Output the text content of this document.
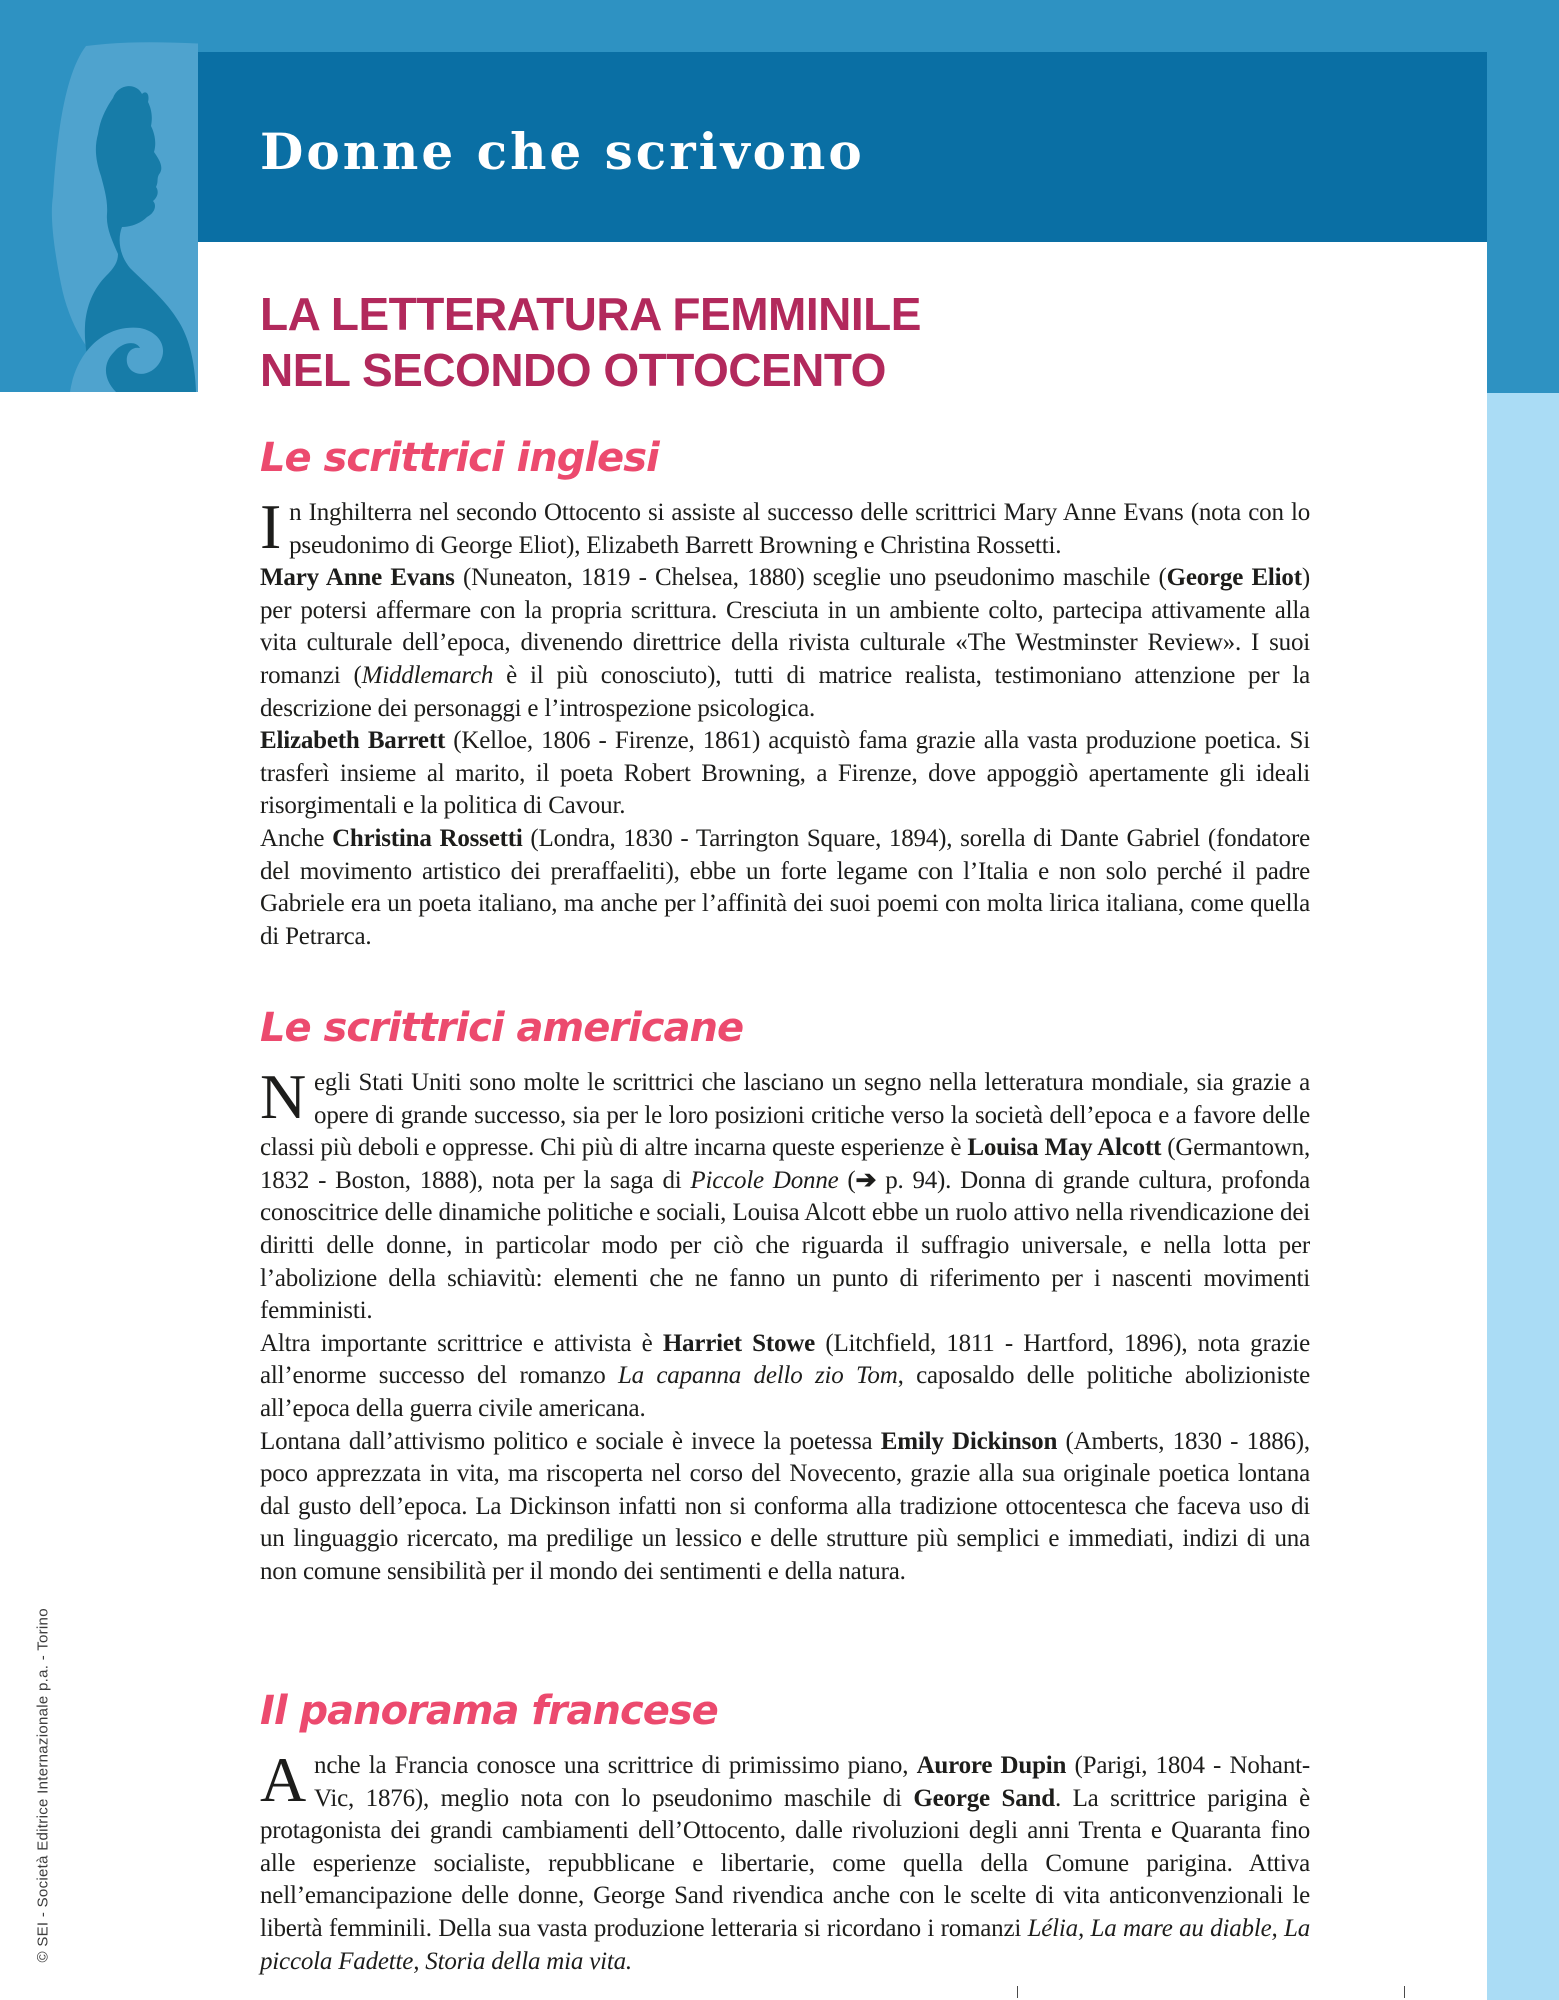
Donne che scrivono
LA LETTERATURA FEMMINILE
NEL SECONDO OTTOCENTO
Le scrittrici inglesi

In Inghilterra nel secondo Ottocento si assiste al successo delle scrittrici Mary Anne Evans (nota con lo pseudonimo di George Eliot), Elizabeth Barrett Browning e Christina Rossetti.

Mary Anne Evans (Nuneaton, 1819 - Chelsea, 1880) sceglie uno pseudonimo maschile (George Eliot) per potersi affermare con la propria scrittura. Cresciuta in un ambiente colto, partecipa attivamente alla vita culturale dell’epoca, divenendo direttrice della rivista culturale «The Westminster Review». I suoi romanzi (Middlemarch è il più conosciuto), tutti di matrice realista, testimoniano attenzione per la descrizione dei personaggi e l’introspezione psicologica.

Elizabeth Barrett (Kelloe, 1806 - Firenze, 1861) acquistò fama grazie alla vasta produzione poetica. Si trasferì insieme al marito, il poeta Robert Browning, a Firenze, dove appoggiò apertamente gli ideali risorgimentali e la politica di Cavour.

Anche Christina Rossetti (Londra, 1830 - Tarrington Square, 1894), sorella di Dante Gabriel (fondatore del movimento artistico dei preraffaeliti), ebbe un forte legame con l’Italia e non solo perché il padre Gabriele era un poeta italiano, ma anche per l’affinità dei suoi poemi con molta lirica italiana, come quella di Petrarca.

Le scrittrici americane

Negli Stati Uniti sono molte le scrittrici che lasciano un segno nella letteratura mondiale, sia grazie a opere di grande successo, sia per le loro posizioni critiche verso la società dell’epoca e a favore delle classi più deboli e oppresse. Chi più di altre incarna queste esperienze è Louisa May Alcott (Germantown, 1832 - Boston, 1888), nota per la saga di Piccole Donne (➔ p. 94). Donna di grande cultura, profonda conoscitrice delle dinamiche politiche e sociali, Louisa Alcott ebbe un ruolo attivo nella rivendicazione dei diritti delle donne, in particolar modo per ciò che riguarda il suffragio universale, e nella lotta per l’abolizione della schiavitù: elementi che ne fanno un punto di riferimento per i nascenti movimenti femministi.

Altra importante scrittrice e attivista è Harriet Stowe (Litchfield, 1811 - Hartford, 1896), nota grazie all’enorme successo del romanzo La capanna dello zio Tom, caposaldo delle politiche abolizioniste all’epoca della guerra civile americana.

Lontana dall’attivismo politico e sociale è invece la poetessa Emily Dickinson (Amberts, 1830 - 1886), poco apprezzata in vita, ma riscoperta nel corso del Novecento, grazie alla sua originale poetica lontana dal gusto dell’epoca. La Dickinson infatti non si conforma alla tradizione ottocentesca che faceva uso di un linguaggio ricercato, ma predilige un lessico e delle strutture più semplici e immediati, indizi di una non comune sensibilità per il mondo dei sentimenti e della natura.

Il panorama francese

Anche la Francia conosce una scrittrice di primissimo piano, Aurore Dupin (Parigi, 1804 - Nohant-Vic, 1876), meglio nota con lo pseudonimo maschile di George Sand. La scrittrice parigina è protagonista dei grandi cambiamenti dell’Ottocento, dalle rivoluzioni degli anni Trenta e Quaranta fino alle esperienze socialiste, repubblicane e libertarie, come quella della Comune parigina. Attiva nell’emancipazione delle donne, George Sand rivendica anche con le scelte di vita anticonvenzionali le libertà femminili. Della sua vasta produzione letteraria si ricordano i romanzi Lélia, La mare au diable, La piccola Fadette, Storia della mia vita.

© SEI - Società Editrice Internazionale p.a. - Torino
